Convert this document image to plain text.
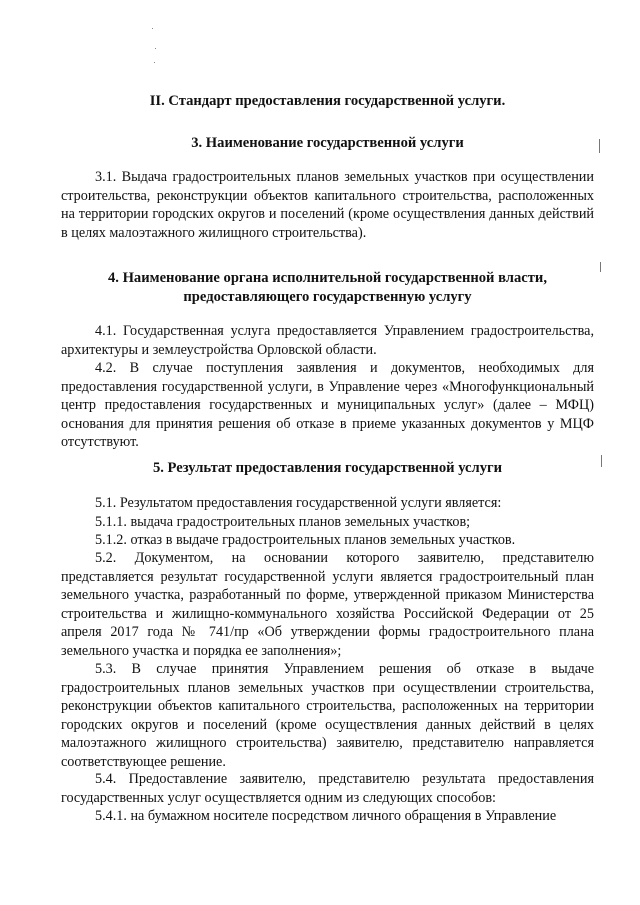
II. Стандарт предоставления государственной услуги.

3. Наименование государственной услуги

3.1. Выдача градостроительных планов земельных участков при осуществлении строительства, реконструкции объектов капитального строительства, расположенных на территории городских округов и поселений (кроме осуществления данных действий в целях малоэтажного жилищного строительства).

4. Наименование органа исполнительной государственной власти,
предоставляющего государственную услугу

4.1. Государственная услуга предоставляется Управлением градостроительства, архитектуры и землеустройства Орловской области.

4.2. В случае поступления заявления и документов, необходимых для предоставления государственной услуги, в Управление через «Многофункциональный центр предоставления государственных и муниципальных услуг» (далее – МФЦ) основания для принятия решения об отказе в приеме указанных документов у МЦФ отсутствуют.

5. Результат предоставления государственной услуги

5.1. Результатом предоставления государственной услуги является:

5.1.1. выдача градостроительных планов земельных участков;

5.1.2. отказ в выдаче градостроительных планов земельных участков.

5.2. Документом, на основании которого заявителю, представителю представляется результат государственной услуги является градостроительный план земельного участка, разработанный по форме, утвержденной приказом Министерства строительства и жилищно-коммунального хозяйства Российской Федерации от 25 апреля 2017 года № 741/пр «Об утверждении формы градостроительного плана земельного участка и порядка ее заполнения»;

5.3. В случае принятия Управлением решения об отказе в выдаче градостроительных планов земельных участков при осуществлении строительства, реконструкции объектов капитального строительства, расположенных на территории городских округов и поселений (кроме осуществления данных действий в целях малоэтажного жилищного строительства) заявителю, представителю направляется соответствующее решение.

5.4. Предоставление заявителю, представителю результата предоставления государственных услуг осуществляется одним из следующих способов:

5.4.1. на бумажном носителе посредством личного обращения в Управление
